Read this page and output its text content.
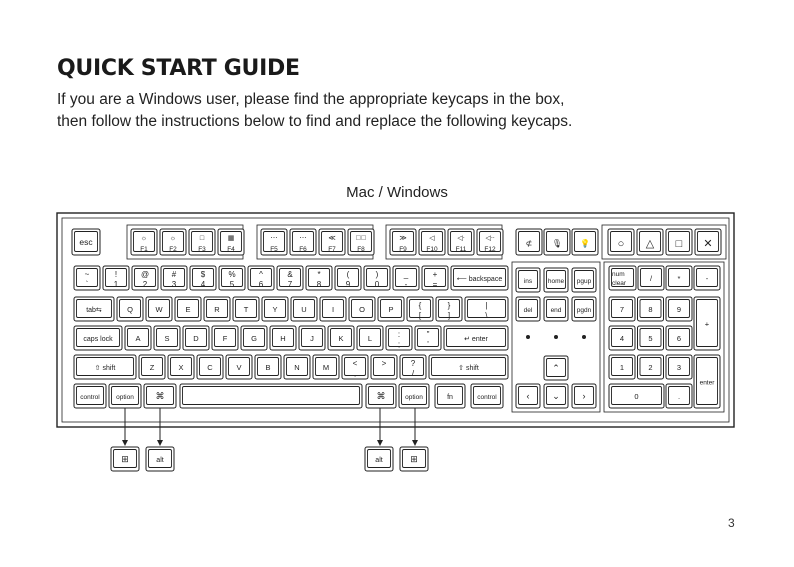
QUICK START GUIDE

If you are a Windows user, please find the appropriate keycaps in the box,
then follow the instructions below to find and replace the following keycaps.

Mac / Windows
3
esc	☼
F1
☼
F2
□
F3
▦
F4
⋯
F5
⋯
F6
≪
F7
▶ॏ
F8
≫
F9
◁
F10
◁ᐧ
F11
◁ᐧᐧ
F12
⊄ 🎙 💡	○ △ □ ✕
~
`
!
1
@
2
#
3
$
4
%
5
^
6
&
7
*
8
(
9
)
0
_
-
+
=
⟵ backspace
tab⇆	Q	W	E	R	T	Y	U	I	O	P	{
[
}
]
|
\
caps lock	A	S	D	F	G	H	J	K	L	:
;
"
'
↵ enter
⇧ shift	Z	X	C	V	B	N	M	<
,
>
.
?
/
⇧ shift
control	option ⌘	⌘	option	fn	control
ins home pgup
del	end pgdn
⌃
‹	⌄	›
num
clear
/	*	-
7	8	9
+
4	5	6
1	2	3
enter
0	.
⊞	alt	alt	⊞
